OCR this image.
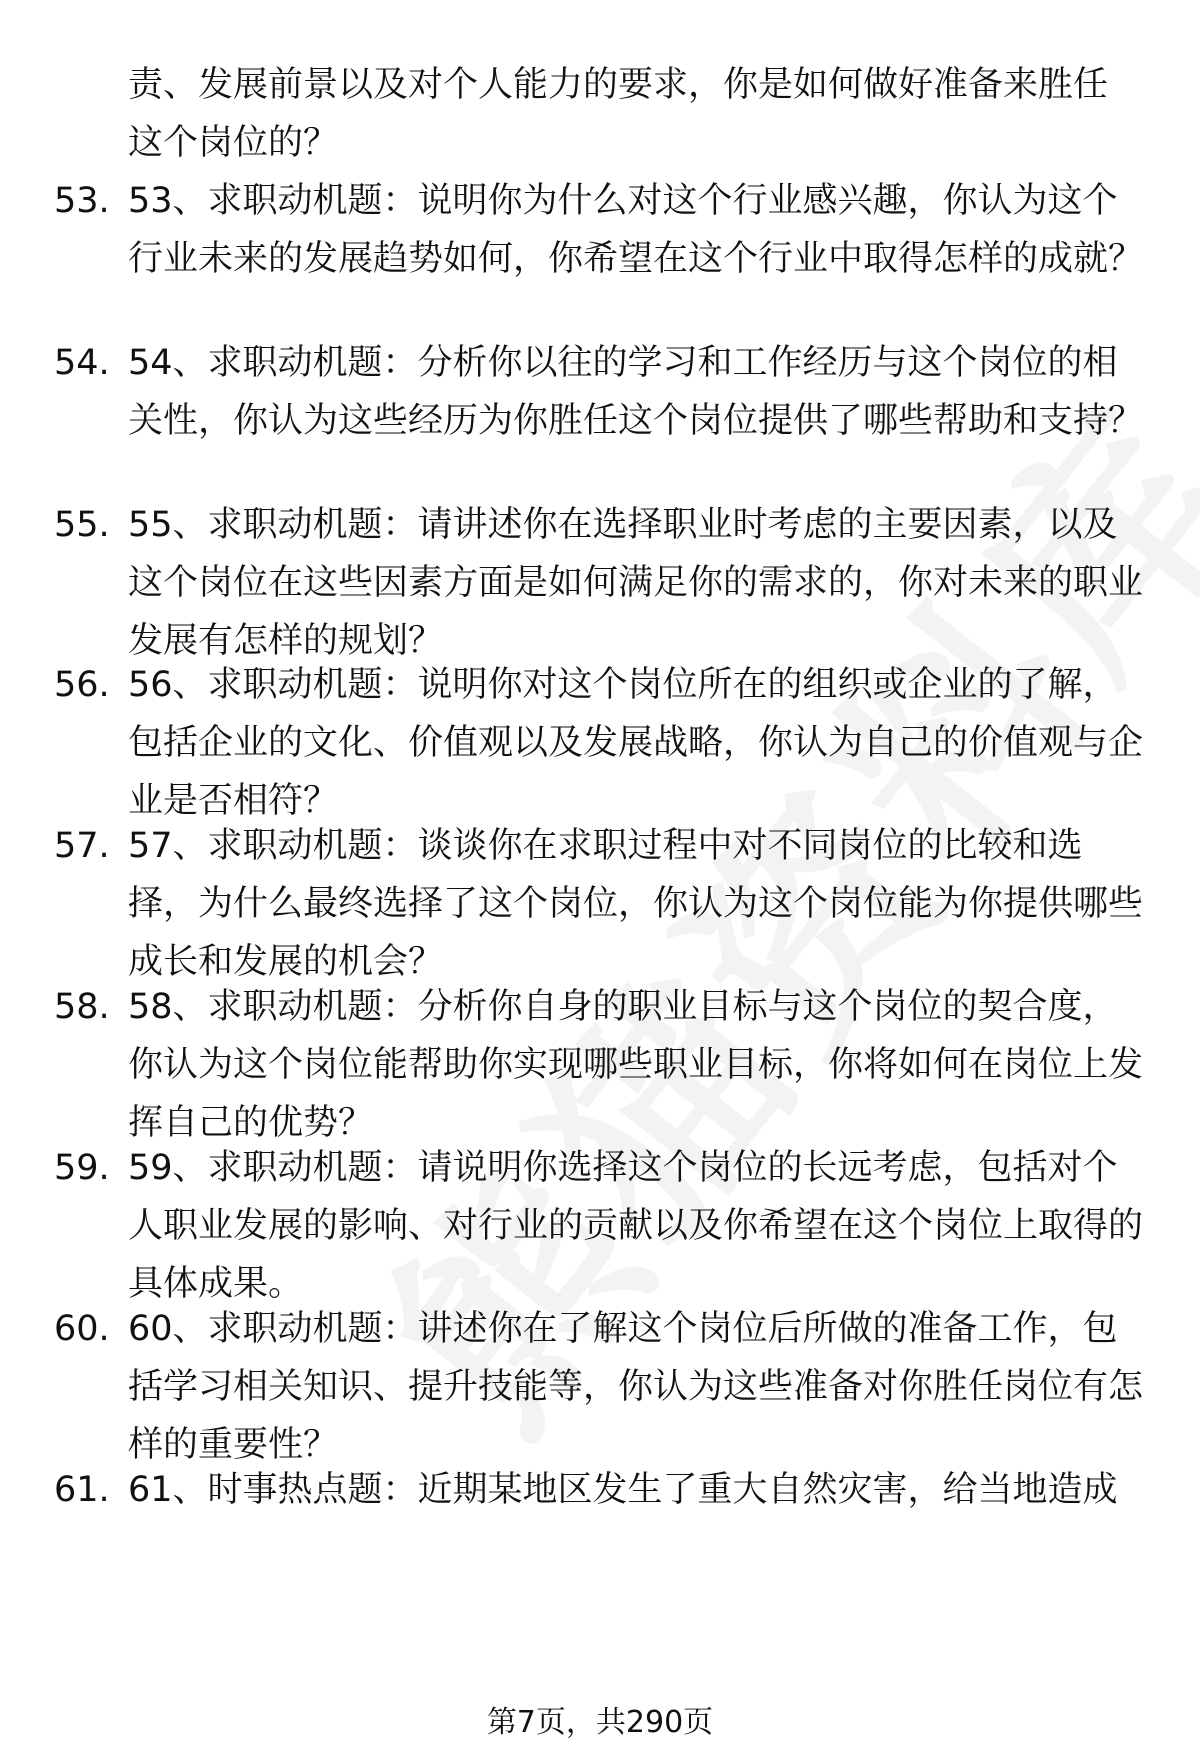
责、发展前景以及对个人能力的要求，你是如何做好准备来胜任这个岗位的？
53. 53、求职动机题：说明你为什么对这个行业感兴趣，你认为这个行业未来的发展趋势如何，你希望在这个行业中取得怎样的成就？
54. 54、求职动机题：分析你以往的学习和工作经历与这个岗位的相关性，你认为这些经历为你胜任这个岗位提供了哪些帮助和支持？
55. 55、求职动机题：请讲述你在选择职业时考虑的主要因素，以及这个岗位在这些因素方面是如何满足你的需求的，你对未来的职业发展有怎样的规划？
56. 56、求职动机题：说明你对这个岗位所在的组织或企业的了解，包括企业的文化、价值观以及发展战略，你认为自己的价值观与企业是否相符？
57. 57、求职动机题：谈谈你在求职过程中对不同岗位的比较和选择，为什么最终选择了这个岗位，你认为这个岗位能为你提供哪些成长和发展的机会？
58. 58、求职动机题：分析你自身的职业目标与这个岗位的契合度，你认为这个岗位能帮助你实现哪些职业目标，你将如何在岗位上发挥自己的优势？
59. 59、求职动机题：请说明你选择这个岗位的长远考虑，包括对个人职业发展的影响、对行业的贡献以及你希望在这个岗位上取得的具体成果。
60. 60、求职动机题：讲述你在了解这个岗位后所做的准备工作，包括学习相关知识、提升技能等，你认为这些准备对你胜任岗位有怎样的重要性？
61. 61、时事热点题：近期某地区发生了重大自然灾害，给当地造成
第7页，共290页
